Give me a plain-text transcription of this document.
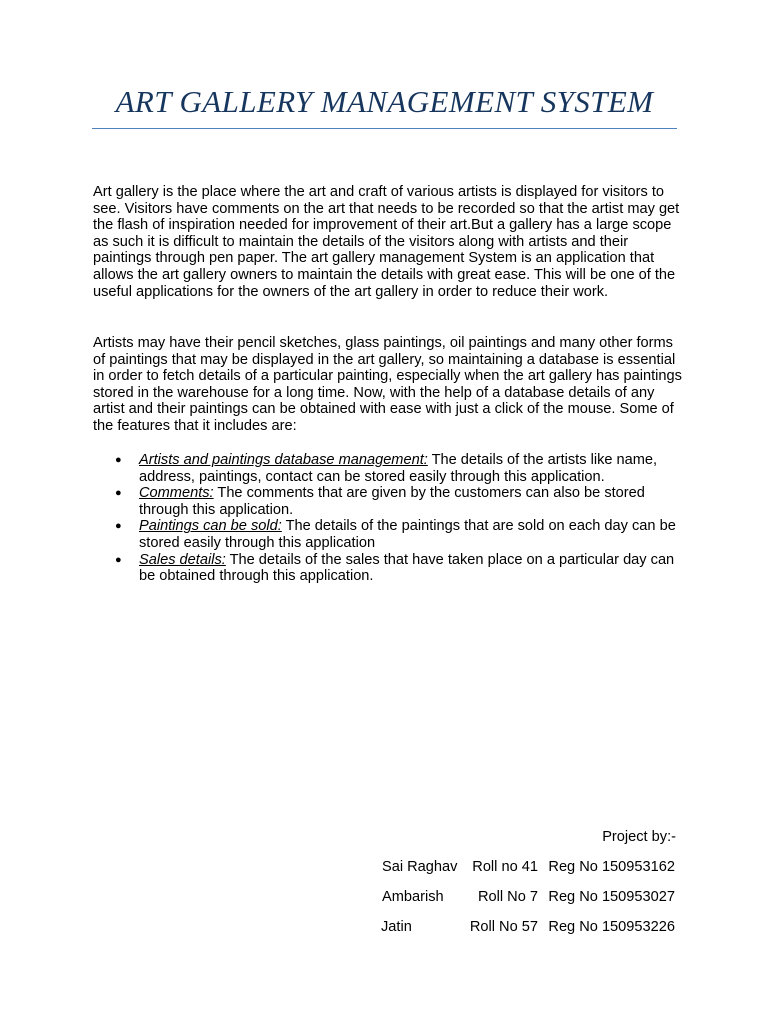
ART GALLERY MANAGEMENT SYSTEM

Art gallery is the place where the art and craft of various artists is displayed for visitors to see. Visitors have comments on the art that needs to be recorded so that the artist may get the flash of inspiration needed for improvement of their art.But a gallery has a large scope as such it is difficult to maintain the details of the visitors along with artists and their paintings through pen paper. The art gallery management System is an application that allows the art gallery owners to maintain the details with great ease. This will be one of the useful applications for the owners of the art gallery in order to reduce their work.

Artists may have their pencil sketches, glass paintings, oil paintings and many other forms of paintings that may be displayed in the art gallery, so maintaining a database is essential in order to fetch details of a particular painting, especially when the art gallery has paintings stored in the warehouse for a long time. Now, with the help of a database details of any artist and their paintings can be obtained with ease with just a click of the mouse. Some of the features that it includes are:

● Artists and paintings database management: The details of the artists like name, address, paintings, contact can be stored easily through this application.
● Comments: The comments that are given by the customers can also be stored through this application.
● Paintings can be sold: The details of the paintings that are sold on each day can be stored easily through this application
● Sales details: The details of the sales that have taken place on a particular day can be obtained through this application.
Project by:-
Sai Raghav Roll no 41 Reg No 150953162
Ambarish Roll No 7 Reg No 150953027
Jatin	Roll No 57 Reg No 150953226
